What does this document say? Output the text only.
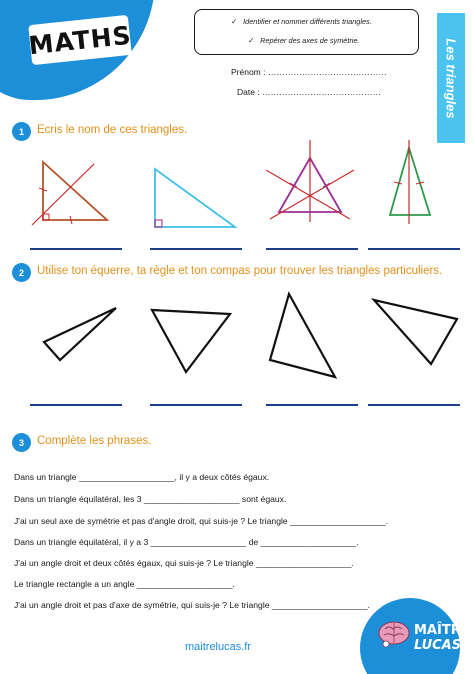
MATHS	✓ Identifier et nommer différents triangles.
✓ Repérer des axes de symétrie.	Les triangles
Prénom : ……………………………………
Date : ……………………………………
1	Ecris le nom de ces triangles.
2	Utilise ton équerre, ta règle et ton compas pour trouver les triangles particuliers.
3	Complète les phrases.
Dans un triangle ____________________, il y a deux côtés égaux.
Dans un triangle équilatéral, les 3 ____________________ sont égaux.
J'ai un seul axe de symétrie et pas d'angle droit, qui suis-je ? Le triangle ____________________.
Dans un triangle équilatéral, il y a 3 ____________________ de ____________________.
J'ai un angle droit et deux côtés égaux, qui suis-je ? Le triangle ____________________.
Le triangle rectangle a un angle ____________________.
J'ai un angle droit et pas d'axe de symétrie, qui suis-je ? Le triangle ____________________.
maitrelucas.fr
MAÎTRE
LUCAS
